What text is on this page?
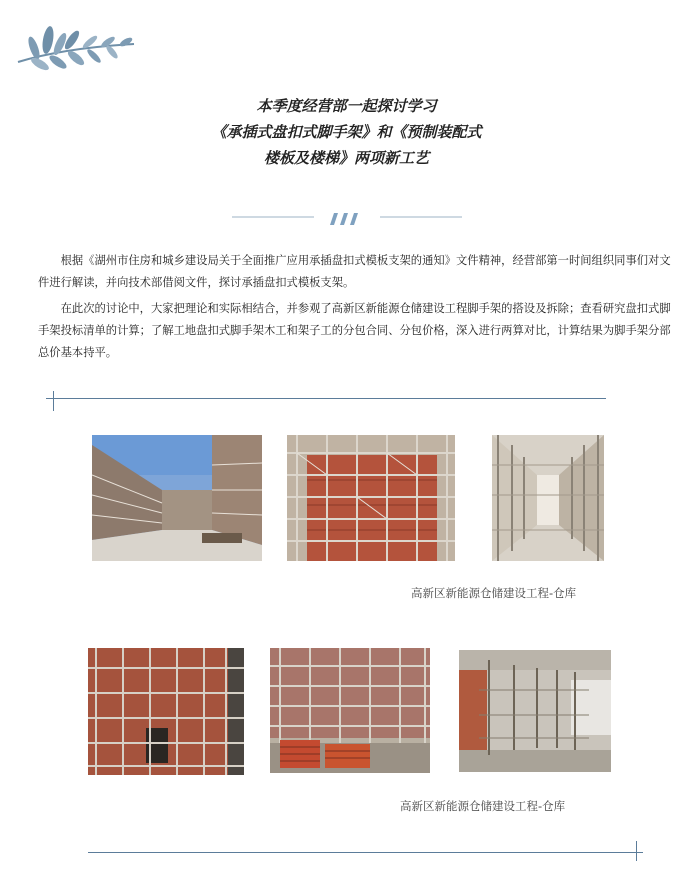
本季度经营部一起探讨学习
《承插式盘扣式脚手架》和《预制装配式
楼板及楼梯》两项新工艺

根据《湖州市住房和城乡建设局关于全面推广应用承插盘扣式模板支架的通知》文件精神，经营部第一时间组织同事们对文件进行解读，并向技术部借阅文件，探讨承插盘扣式模板支架。

在此次的讨论中，大家把理论和实际相结合，并参观了高新区新能源仓储建设工程脚手架的搭设及拆除；查看研究盘扣式脚手架投标清单的计算；了解工地盘扣式脚手架木工和架子工的分包合同、分包价格，深入进行两算对比，计算结果为脚手架分部总价基本持平。

高新区新能源仓储建设工程-仓库
高新区新能源仓储建设工程-仓库
